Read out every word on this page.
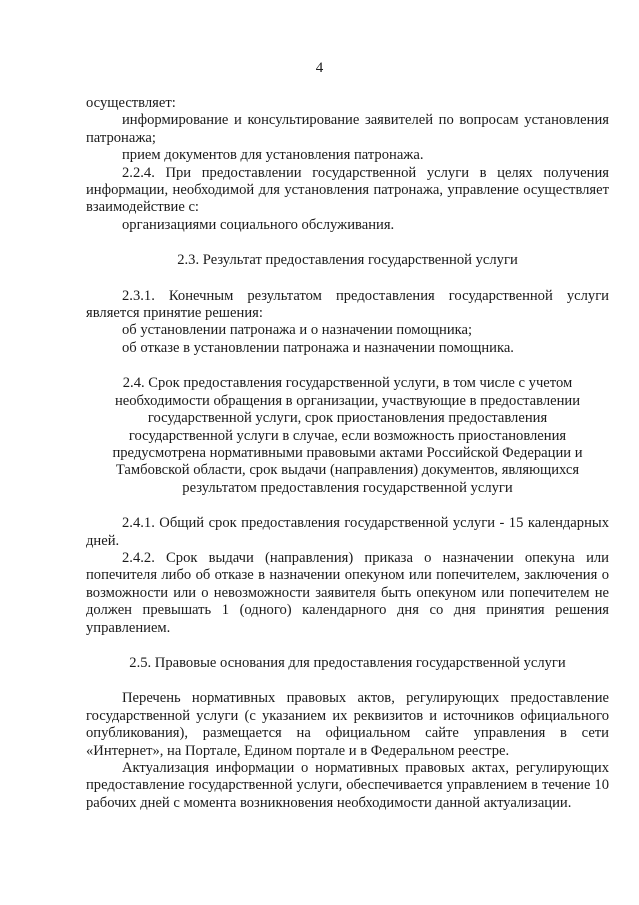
4

осуществляет:

информирование и консультирование заявителей по вопросам установления патронажа;

прием документов для установления патронажа.

2.2.4. При предоставлении государственной услуги в целях получения информации, необходимой для установления патронажа, управление осуществляет взаимодействие с:

организациями социального обслуживания.

2.3. Результат предоставления государственной услуги

2.3.1. Конечным результатом предоставления государственной услуги является принятие решения:

об установлении патронажа и о назначении помощника;

об отказе в установлении патронажа и назначении помощника.

2.4. Срок предоставления государственной услуги, в том числе с учетом необходимости обращения в организации, участвующие в предоставлении государственной услуги, срок приостановления предоставления государственной услуги в случае, если возможность приостановления предусмотрена нормативными правовыми актами Российской Федерации и Тамбовской области, срок выдачи (направления) документов, являющихся результатом предоставления государственной услуги

2.4.1. Общий срок предоставления государственной услуги - 15 календарных дней.

2.4.2. Срок выдачи (направления) приказа о назначении опекуна или попечителя либо об отказе в назначении опекуном или попечителем, заключения о возможности или о невозможности заявителя быть опекуном или попечителем не должен превышать 1 (одного) календарного дня со дня принятия решения управлением.

2.5. Правовые основания для предоставления государственной услуги

Перечень нормативных правовых актов, регулирующих предоставление государственной услуги (с указанием их реквизитов и источников официального опубликования), размещается на официальном сайте управления в сети «Интернет», на Портале, Едином портале и в Федеральном реестре.

Актуализация информации о нормативных правовых актах, регулирующих предоставление государственной услуги, обеспечивается управлением в течение 10 рабочих дней с момента возникновения необходимости данной актуализации.
